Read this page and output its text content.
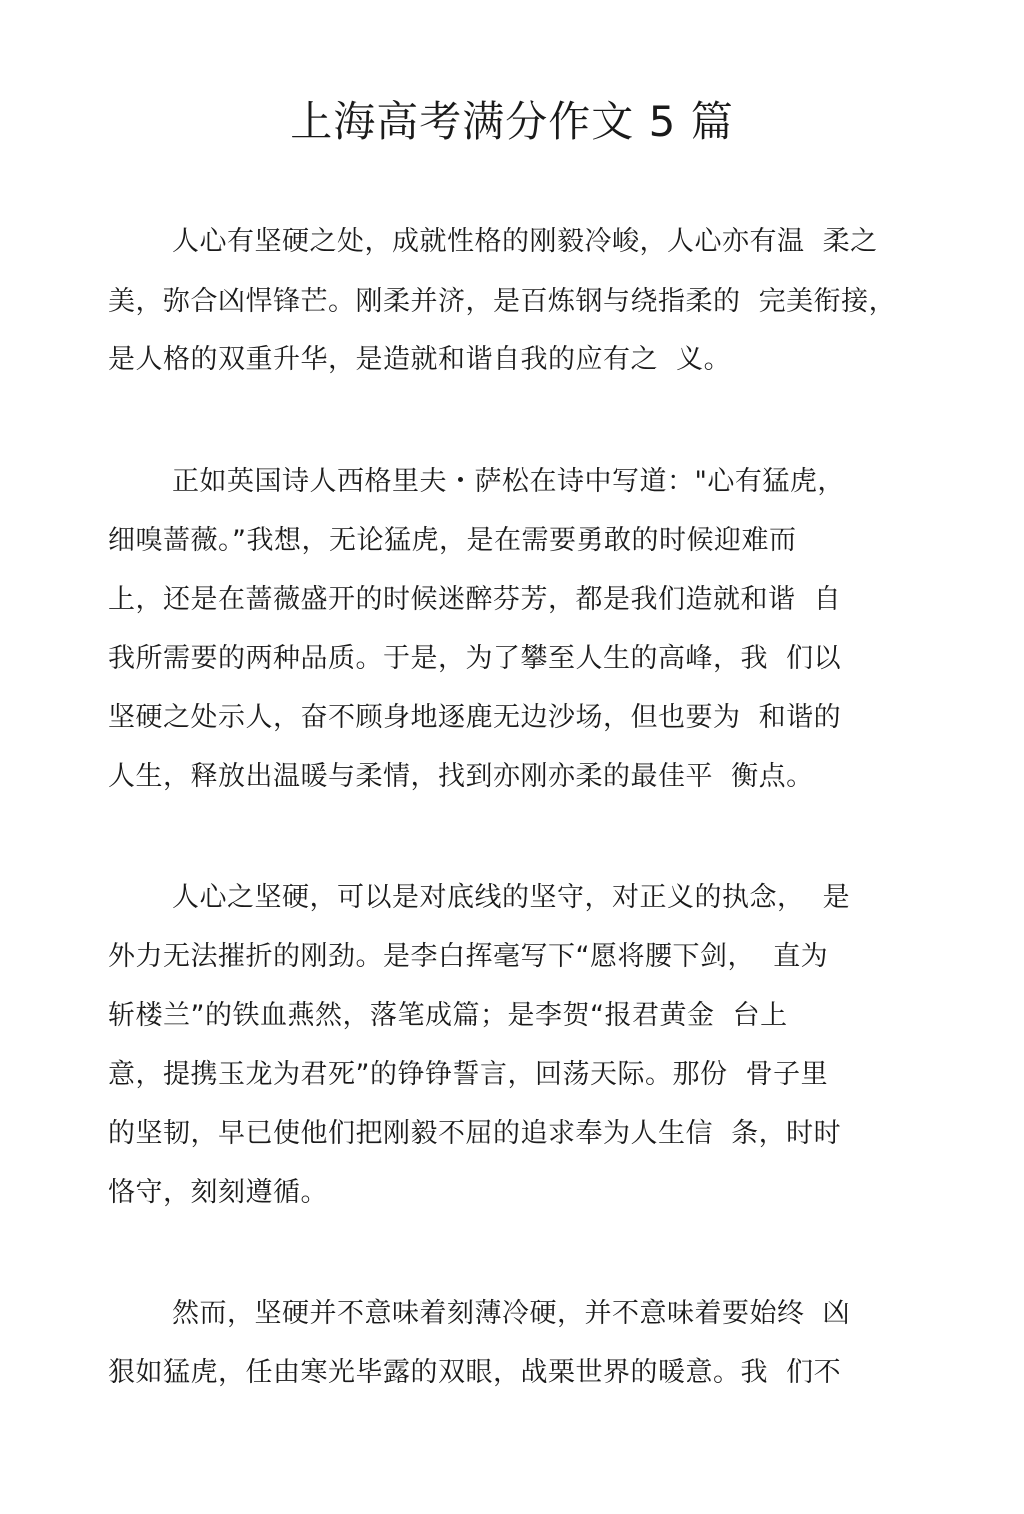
上海高考满分作文 5 篇
人心有坚硬之处，成就性格的刚毅冷峻，人心亦有温  柔之
美，弥合凶悍锋芒。刚柔并济，是百炼钢与绕指柔的  完美衔接，
是人格的双重升华，是造就和谐自我的应有之  义。
正如英国诗人西格里夫・萨松在诗中写道："心有猛虎，
细嗅蔷薇。”我想，无论猛虎，是在需要勇敢的时候迎难而
上，还是在蔷薇盛开的时候迷醉芬芳，都是我们造就和谐  自
我所需要的两种品质。于是，为了攀至人生的高峰，我  们以
坚硬之处示人，奋不顾身地逐鹿无边沙场，但也要为  和谐的
人生，释放出温暖与柔情，找到亦刚亦柔的最佳平  衡点。
人心之坚硬，可以是对底线的坚守，对正义的执念，  是
外力无法摧折的刚劲。是李白挥毫写下“愿将腰下剑，  直为
斩楼兰”的铁血燕然，落笔成篇；是李贺“报君黄金  台上
意，提携玉龙为君死”的铮铮誓言，回荡天际。那份  骨子里
的坚韧，早已使他们把刚毅不屈的追求奉为人生信  条，时时
恪守，刻刻遵循。
然而，坚硬并不意味着刻薄冷硬，并不意味着要始终  凶
狠如猛虎，任由寒光毕露的双眼，战栗世界的暖意。我  们不
